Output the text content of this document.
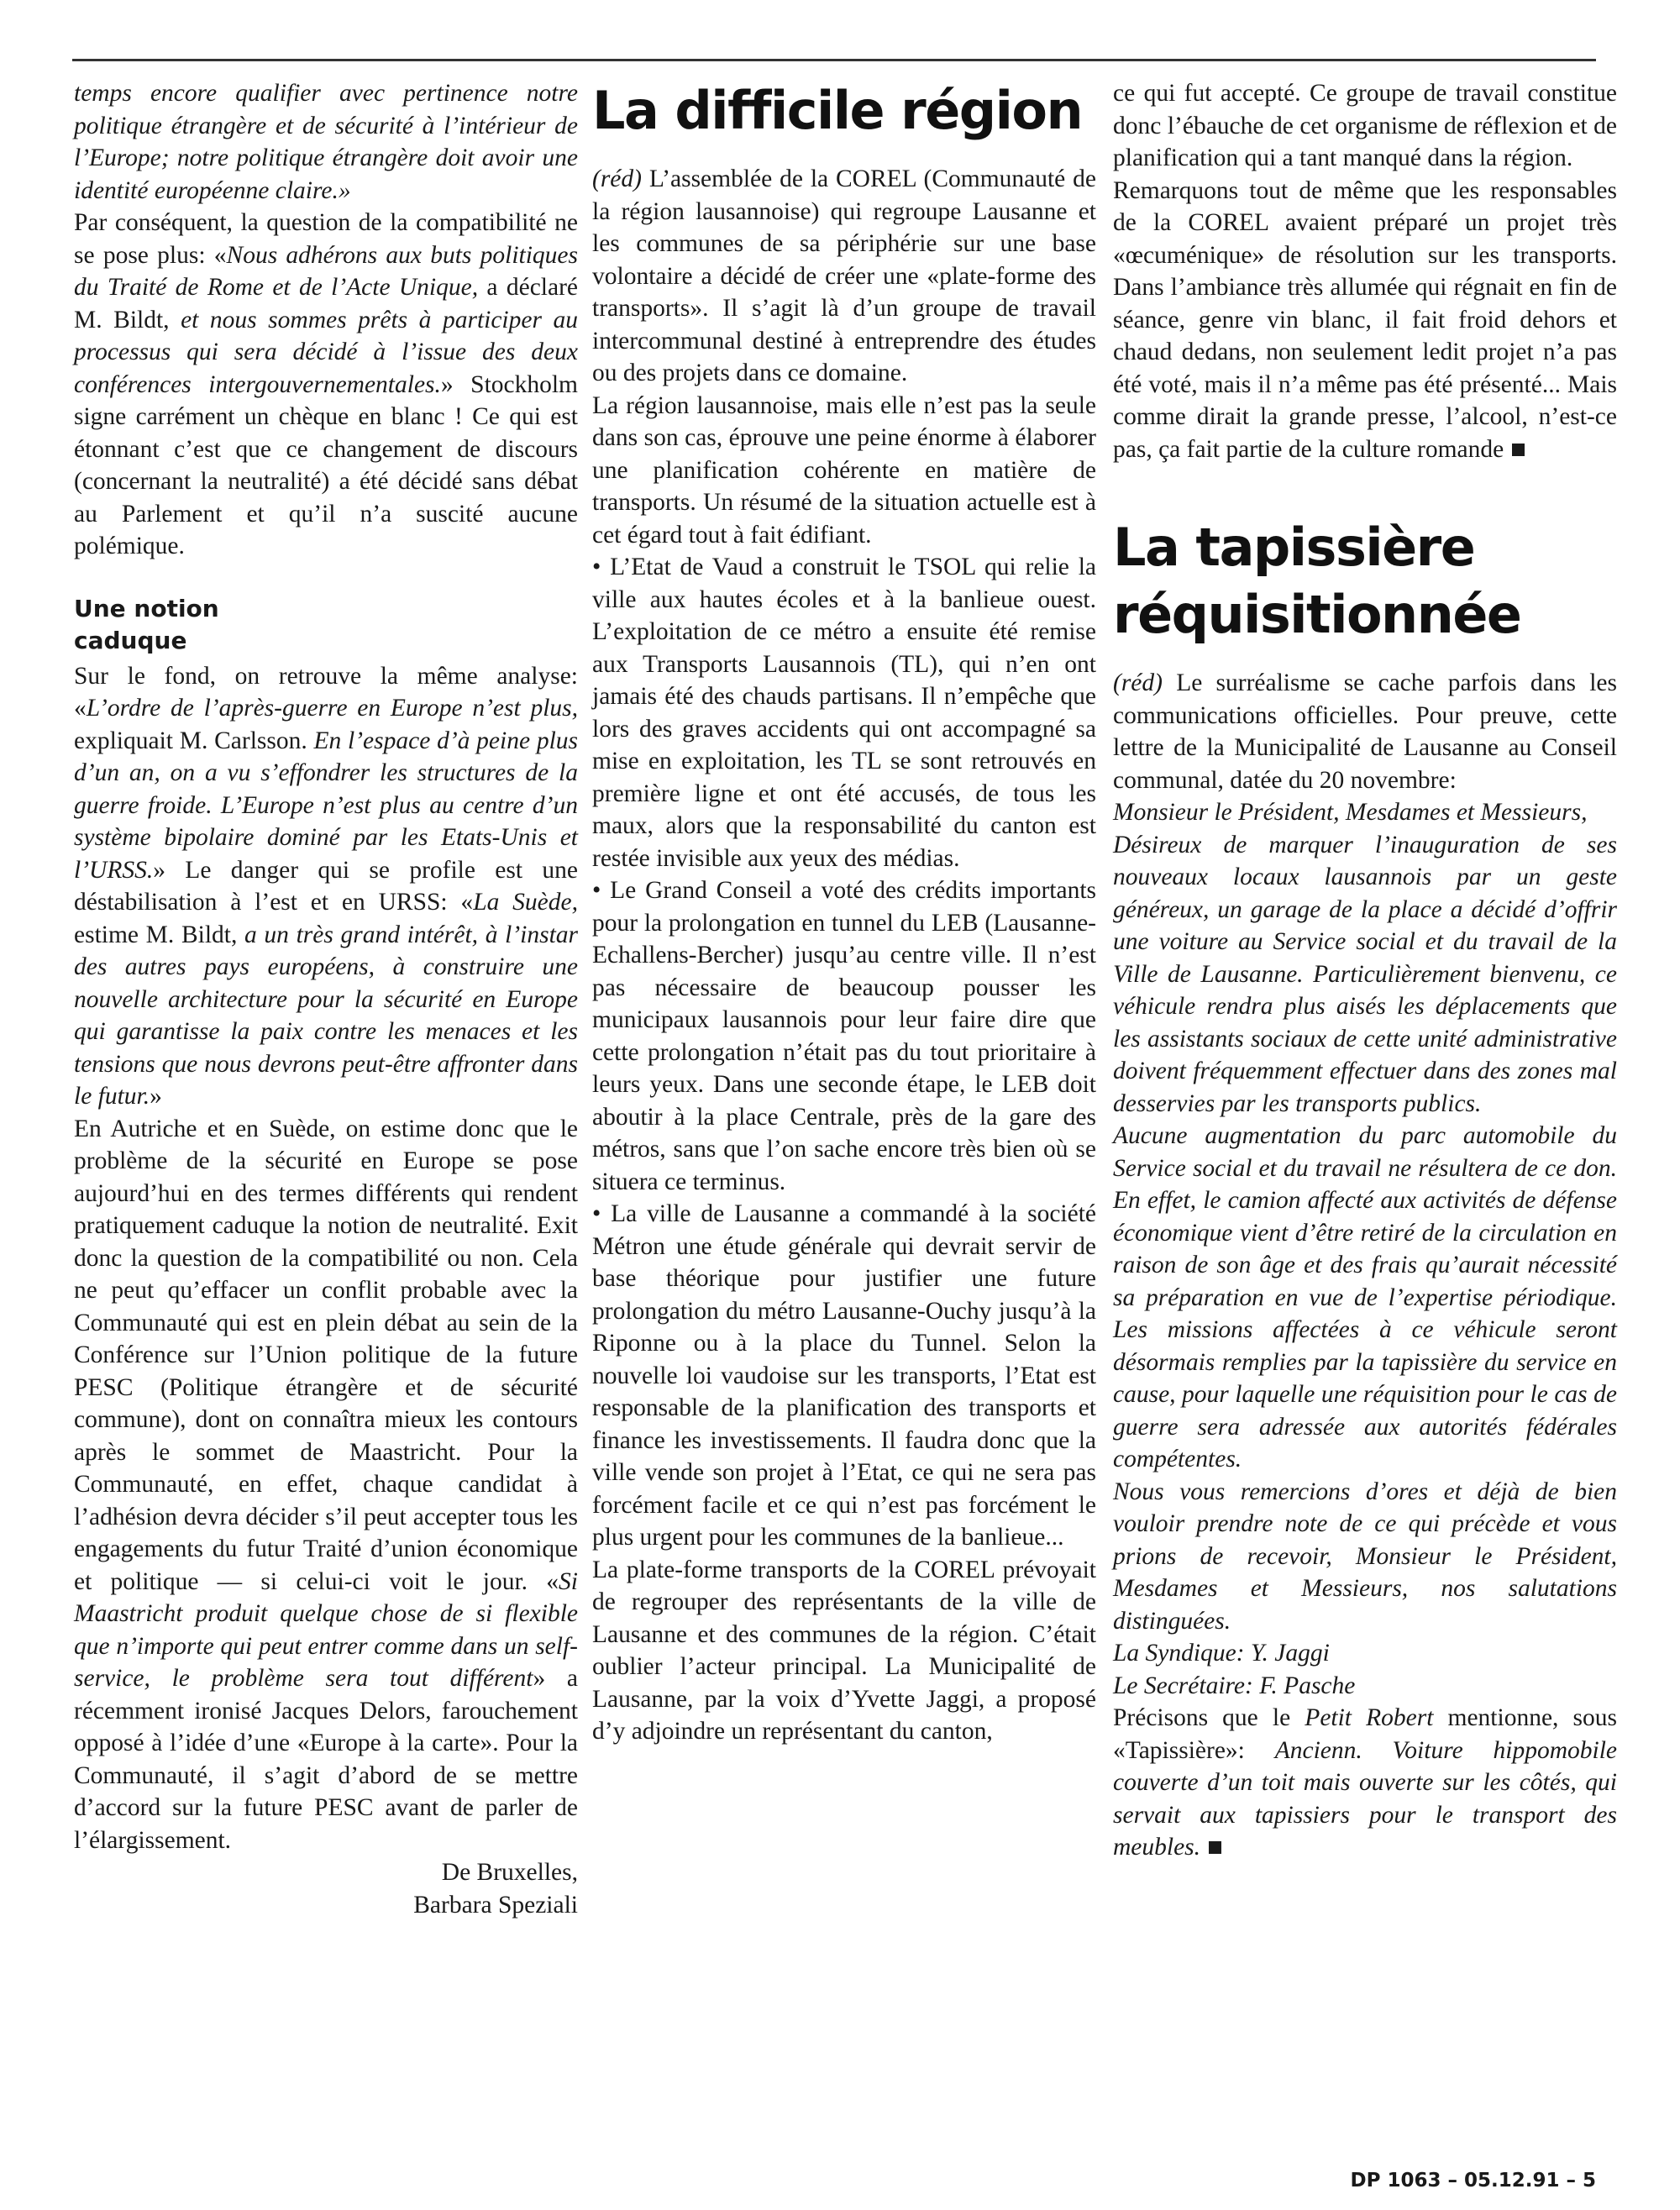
temps encore qualifier avec pertinence notre politique étrangère et de sécurité à l’intérieur de l’Europe; notre politique étrangère doit avoir une identité européenne claire.»

Par conséquent, la question de la compatibilité ne se pose plus: «Nous adhérons aux buts politiques du Traité de Rome et de l’Acte Unique, a déclaré M. Bildt, et nous sommes prêts à participer au processus qui sera décidé à l’issue des deux conférences intergouvernementales.» Stockholm signe carrément un chèque en blanc ! Ce qui est étonnant c’est que ce changement de discours (concernant la neutralité) a été décidé sans débat au Parlement et qu’il n’a suscité aucune polémique.

Une notion caduque

Sur le fond, on retrouve la même analyse: «L’ordre de l’après-guerre en Europe n’est plus, expliquait M. Carlsson. En l’espace d’à peine plus d’un an, on a vu s’effondrer les structures de la guerre froide. L’Europe n’est plus au centre d’un système bipolaire dominé par les Etats-Unis et l’URSS.» Le danger qui se profile est une déstabilisation à l’est et en URSS: «La Suède, estime M. Bildt, a un très grand intérêt, à l’instar des autres pays européens, à construire une nouvelle architecture pour la sécurité en Europe qui garantisse la paix contre les menaces et les tensions que nous devrons peut-être affronter dans le futur.»

En Autriche et en Suède, on estime donc que le problème de la sécurité en Europe se pose aujourd’hui en des termes différents qui rendent pratiquement caduque la notion de neutralité. Exit donc la question de la compatibilité ou non. Cela ne peut qu’effacer un conflit probable avec la Communauté qui est en plein débat au sein de la Conférence sur l’Union politique de la future PESC (Politique étrangère et de sécurité commune), dont on connaîtra mieux les contours après le sommet de Maastricht. Pour la Communauté, en effet, chaque candidat à l’adhésion devra décider s’il peut accepter tous les engagements du futur Traité d’union économique et politique — si celui-ci voit le jour. «Si Maastricht produit quelque chose de si flexible que n’importe qui peut entrer comme dans un self-service, le problème sera tout différent» a récemment ironisé Jacques Delors, farouchement opposé à l’idée d’une «Europe à la carte». Pour la Communauté, il s’agit d’abord de se mettre d’accord sur la future PESC avant de parler de l’élargissement.

De Bruxelles,

Barbara Speziali

La difficile région

(réd) L’assemblée de la COREL (Communauté de la région lausannoise) qui regroupe Lausanne et les communes de sa périphérie sur une base volontaire a décidé de créer une «plate-forme des transports». Il s’agit là d’un groupe de travail intercommunal destiné à entreprendre des études ou des projets dans ce domaine.

La région lausannoise, mais elle n’est pas la seule dans son cas, éprouve une peine énorme à élaborer une planification cohérente en matière de transports. Un résumé de la situation actuelle est à cet égard tout à fait édifiant.

• L’Etat de Vaud a construit le TSOL qui relie la ville aux hautes écoles et à la banlieue ouest. L’exploitation de ce métro a ensuite été remise aux Transports Lausannois (TL), qui n’en ont jamais été des chauds partisans. Il n’empêche que lors des graves accidents qui ont accompagné sa mise en exploitation, les TL se sont retrouvés en première ligne et ont été accusés, de tous les maux, alors que la responsabilité du canton est restée invisible aux yeux des médias.

• Le Grand Conseil a voté des crédits importants pour la prolongation en tunnel du LEB (Lausanne-Echallens-Bercher) jusqu’au centre ville. Il n’est pas nécessaire de beaucoup pousser les municipaux lausannois pour leur faire dire que cette prolongation n’était pas du tout prioritaire à leurs yeux. Dans une seconde étape, le LEB doit aboutir à la place Centrale, près de la gare des métros, sans que l’on sache encore très bien où se situera ce terminus.

• La ville de Lausanne a commandé à la société Métron une étude générale qui devrait servir de base théorique pour justifier une future prolongation du métro Lausanne-Ouchy jusqu’à la Riponne ou à la place du Tunnel. Selon la nouvelle loi vaudoise sur les transports, l’Etat est responsable de la planification des transports et finance les investissements. Il faudra donc que la ville vende son projet à l’Etat, ce qui ne sera pas forcément facile et ce qui n’est pas forcément le plus urgent pour les communes de la banlieue...

La plate-forme transports de la COREL prévoyait de regrouper des représentants de la ville de Lausanne et des communes de la région. C’était oublier l’acteur principal. La Municipalité de Lausanne, par la voix d’Yvette Jaggi, a proposé d’y adjoindre un représentant du canton,

ce qui fut accepté. Ce groupe de travail constitue donc l’ébauche de cet organisme de réflexion et de planification qui a tant manqué dans la région.

Remarquons tout de même que les responsables de la COREL avaient préparé un projet très «œcuménique» de résolution sur les transports. Dans l’ambiance très allumée qui régnait en fin de séance, genre vin blanc, il fait froid dehors et chaud dedans, non seulement ledit projet n’a pas été voté, mais il n’a même pas été présenté... Mais comme dirait la grande presse, l’alcool, n’est-ce pas, ça fait partie de la culture romande

La tapissière réquisitionnée

(réd) Le surréalisme se cache parfois dans les communications officielles. Pour preuve, cette lettre de la Municipalité de Lausanne au Conseil communal, datée du 20 novembre:

Monsieur le Président, Mesdames et Messieurs,

Désireux de marquer l’inauguration de ses nouveaux locaux lausannois par un geste généreux, un garage de la place a décidé d’offrir une voiture au Service social et du travail de la Ville de Lausanne. Particulièrement bienvenu, ce véhicule rendra plus aisés les déplacements que les assistants sociaux de cette unité administrative doivent fréquemment effectuer dans des zones mal desservies par les transports publics.

Aucune augmentation du parc automobile du Service social et du travail ne résultera de ce don. En effet, le camion affecté aux activités de défense économique vient d’être retiré de la circulation en raison de son âge et des frais qu’aurait nécessité sa préparation en vue de l’expertise périodique. Les missions affectées à ce véhicule seront désormais remplies par la tapissière du service en cause, pour laquelle une réquisition pour le cas de guerre sera adressée aux autorités fédérales compétentes.

Nous vous remercions d’ores et déjà de bien vouloir prendre note de ce qui précède et vous prions de recevoir, Monsieur le Président, Mesdames et Messieurs, nos salutations distinguées.

La Syndique: Y. Jaggi

Le Secrétaire: F. Pasche

Précisons que le Petit Robert mentionne, sous «Tapissière»: Ancienn. Voiture hippomobile couverte d’un toit mais ouverte sur les côtés, qui servait aux tapissiers pour le transport des meubles.

DP 1063 – 05.12.91 – 5
